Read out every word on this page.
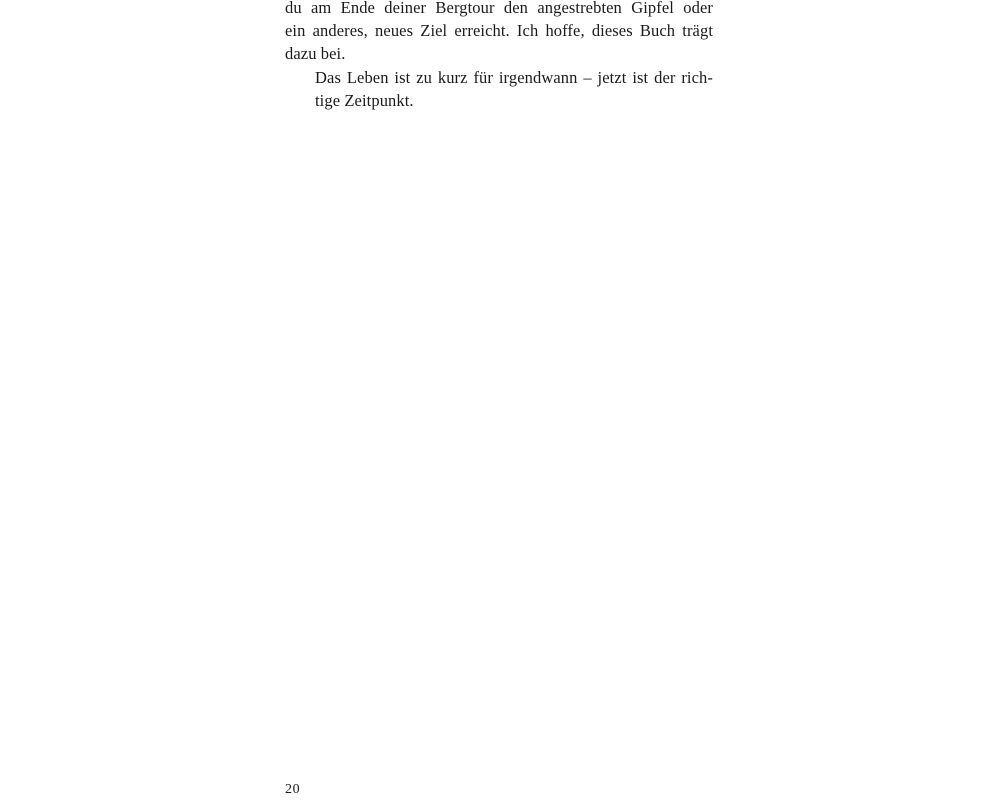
du am Ende deiner Bergtour den angestrebten Gipfel oder
ein anderes, neues Ziel erreicht. Ich hoffe, dieses Buch trägt
dazu bei.

Das Leben ist zu kurz für irgendwann – jetzt ist der rich-
tige Zeitpunkt.

20
